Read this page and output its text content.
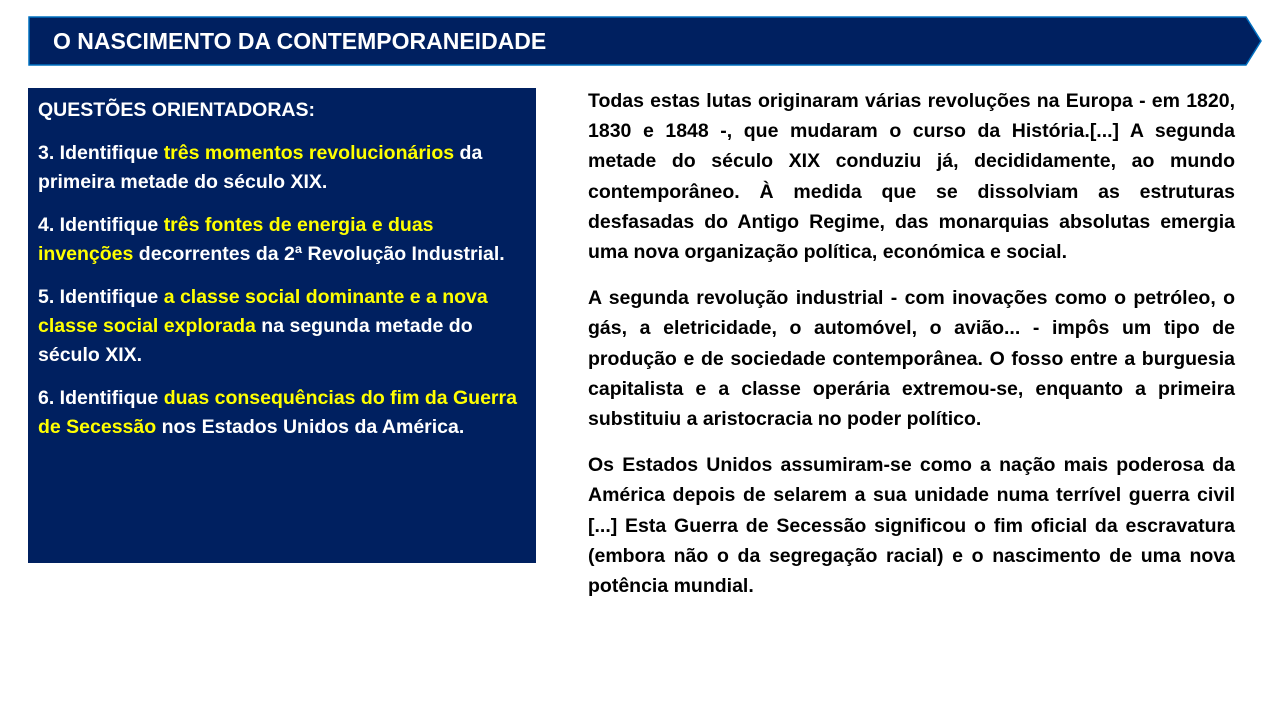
O NASCIMENTO DA CONTEMPORANEIDADE

QUESTÕES ORIENTADORAS:

3. Identifique três momentos revolucionários da primeira metade do século XIX.

4. Identifique três fontes de energia e duas invenções decorrentes da 2ª Revolução Industrial.

5. Identifique a classe social dominante e a nova classe social explorada na segunda metade do século XIX.

6. Identifique duas consequências do fim da Guerra de Secessão nos Estados Unidos da América.

Todas estas lutas originaram várias revoluções na Europa - em 1820, 1830 e 1848 -, que mudaram o curso da História.[...] A segunda metade do século XIX conduziu já, decididamente, ao mundo contemporâneo. À medida que se dissolviam as estruturas desfasadas do Antigo Regime, das monarquias absolutas emergia uma nova organização política, económica e social.

A segunda revolução industrial - com inovações como o petróleo, o gás, a eletricidade, o automóvel, o avião... - impôs um tipo de produção e de sociedade contemporânea. O fosso entre a burguesia capitalista e a classe operária extremou-se, enquanto a primeira substituiu a aristocracia no poder político.

Os Estados Unidos assumiram-se como a nação mais poderosa da América depois de selarem a sua unidade numa terrível guerra civil [...] Esta Guerra de Secessão significou o fim oficial da escravatura (embora não o da segregação racial) e o nascimento de uma nova potência mundial.
